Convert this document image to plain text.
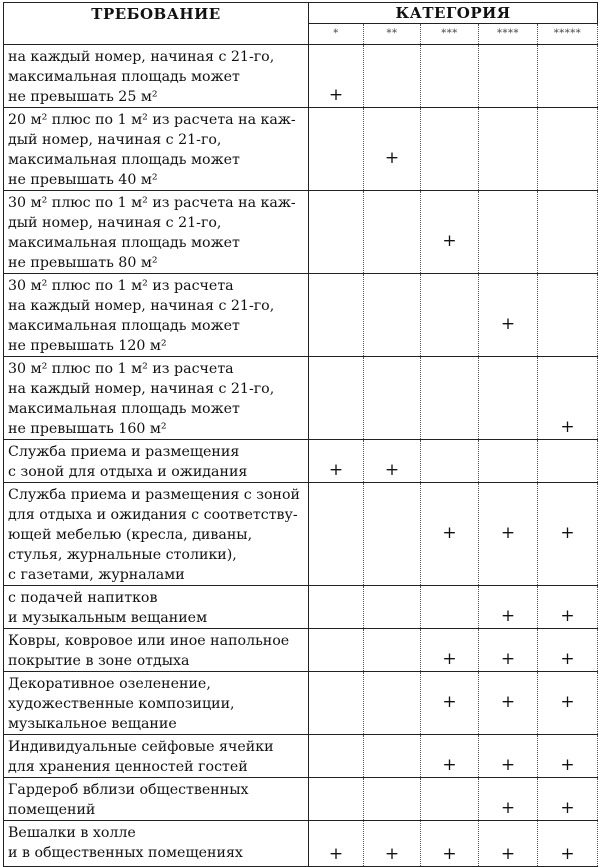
ТРЕБОВАНИЕ	КАТЕГОРИЯ				
	*	**	***	****	*****
на каждый номер, начиная с 21-го,
максимальная площадь может
не превышать 25 м²	+				
20 м² плюс по 1 м² из расчета на каж-
дый номер, начиная с 21-го,
максимальная площадь может
не превышать 40 м²		+			
30 м² плюс по 1 м² из расчета на каж-
дый номер, начиная с 21-го,
максимальная площадь может
не превышать 80 м²			+		
30 м² плюс по 1 м² из расчета
на каждый номер, начиная с 21-го,
максимальная площадь может
не превышать 120 м²				+	
30 м² плюс по 1 м² из расчета
на каждый номер, начиная с 21-го,
максимальная площадь может
не превышать 160 м²					+
Служба приема и размещения
с зоной для отдыха и ожидания	+	+			
Служба приема и размещения с зоной
для отдыха и ожидания с соответству-
ющей мебелью (кресла, диваны,
стулья, журнальные столики),
с газетами, журналами			+	+	+
с подачей напитков
и музыкальным вещанием				+	+
Ковры, ковровое или иное напольное
покрытие в зоне отдыха			+	+	+
Декоративное озеленение,
художественные композиции,
музыкальное вещание			+	+	+
Индивидуальные сейфовые ячейки
для хранения ценностей гостей			+	+	+
Гардероб вблизи общественных
помещений				+	+
Вешалки в холле
и в общественных помещениях	+	+	+	+	+
